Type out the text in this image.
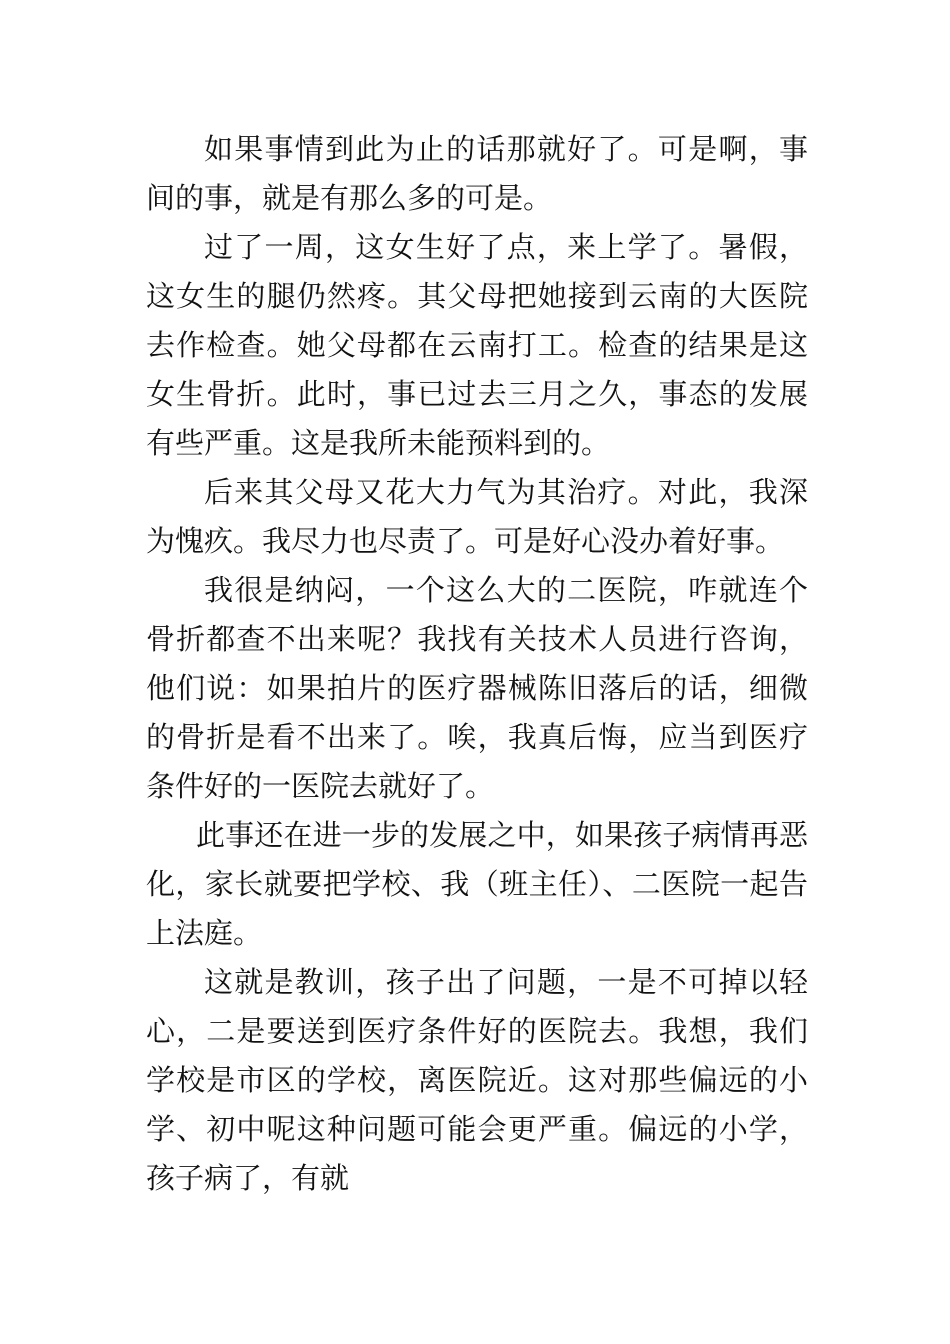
如果事情到此为止的话那就好了。可是啊，事间的事，就是有那么多的可是。

过了一周，这女生好了点，来上学了。暑假，这女生的腿仍然疼。其父母把她接到云南的大医院去作检查。她父母都在云南打工。检查的结果是这女生骨折。此时，事已过去三月之久，事态的发展有些严重。这是我所未能预料到的。

后来其父母又花大力气为其治疗。对此，我深为愧疚。我尽力也尽责了。可是好心没办着好事。

我很是纳闷，一个这么大的二医院，咋就连个骨折都查不出来呢？我找有关技术人员进行咨询，他们说：如果拍片的医疗器械陈旧落后的话，细微的骨折是看不出来了。唉，我真后悔，应当到医疗条件好的一医院去就好了。

此事还在进一步的发展之中，如果孩子病情再恶化，家长就要把学校、我（班主任）、二医院一起告上法庭。

这就是教训，孩子出了问题，一是不可掉以轻心，二是要送到医疗条件好的医院去。我想，我们学校是市区的学校，离医院近。这对那些偏远的小学、初中呢这种问题可能会更严重。偏远的小学，孩子病了，有就
